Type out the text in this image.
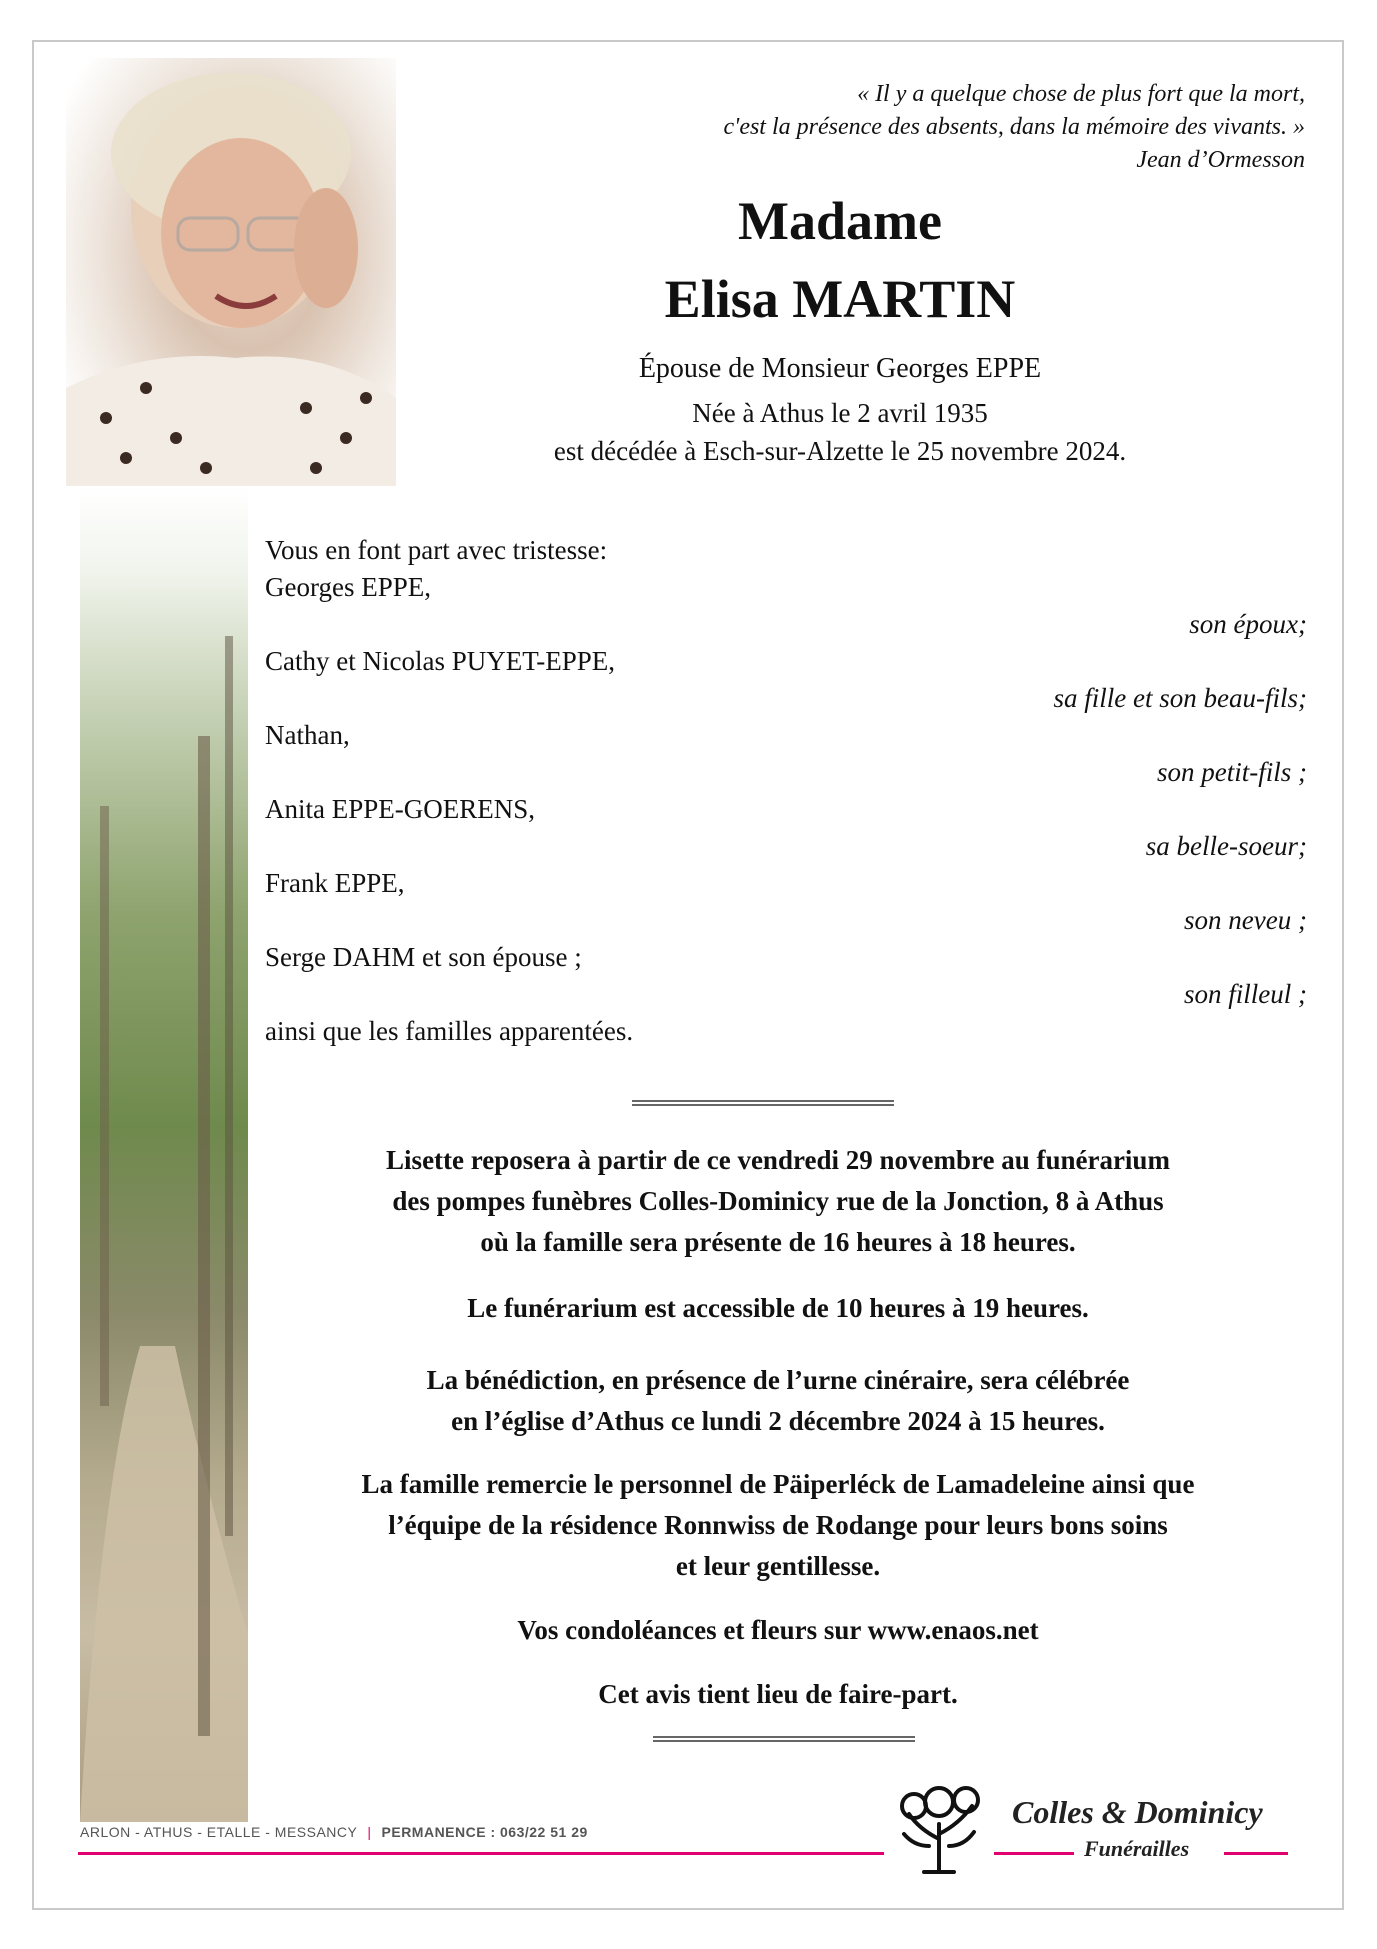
« Il y a quelque chose de plus fort que la mort,
c'est la présence des absents, dans la mémoire des vivants. »
Jean d’Ormesson
Madame
Elisa MARTIN
Épouse de Monsieur Georges EPPE
Née à Athus le 2 avril 1935
est décédée à Esch-sur-Alzette le 25 novembre 2024.
Vous en font part avec tristesse:
Georges EPPE,
son époux;
Cathy et Nicolas PUYET-EPPE,
sa fille et son beau-fils;
Nathan,
son petit-fils ;
Anita EPPE-GOERENS,
sa belle-soeur;
Frank EPPE,
son neveu ;
Serge DAHM et son épouse ;
son filleul ;
ainsi que les familles apparentées.
Lisette reposera à partir de ce vendredi 29 novembre au funérarium
des pompes funèbres Colles-Dominicy rue de la Jonction, 8 à Athus
où la famille sera présente de 16 heures à 18 heures.
Le funérarium est accessible de 10 heures à 19 heures.
La bénédiction, en présence de l’urne cinéraire, sera célébrée
en l’église d’Athus ce lundi 2 décembre 2024 à 15 heures.
La famille remercie le personnel de Päiperléck de Lamadeleine ainsi que
l’équipe de la résidence Ronnwiss de Rodange pour leurs bons soins
et leur gentillesse.
Vos condoléances et fleurs sur www.enaos.net
Cet avis tient lieu de faire-part.
ARLON - ATHUS - ETALLE - MESSANCY | PERMANENCE : 063/22 51 29
Colles & Dominicy
Funérailles
